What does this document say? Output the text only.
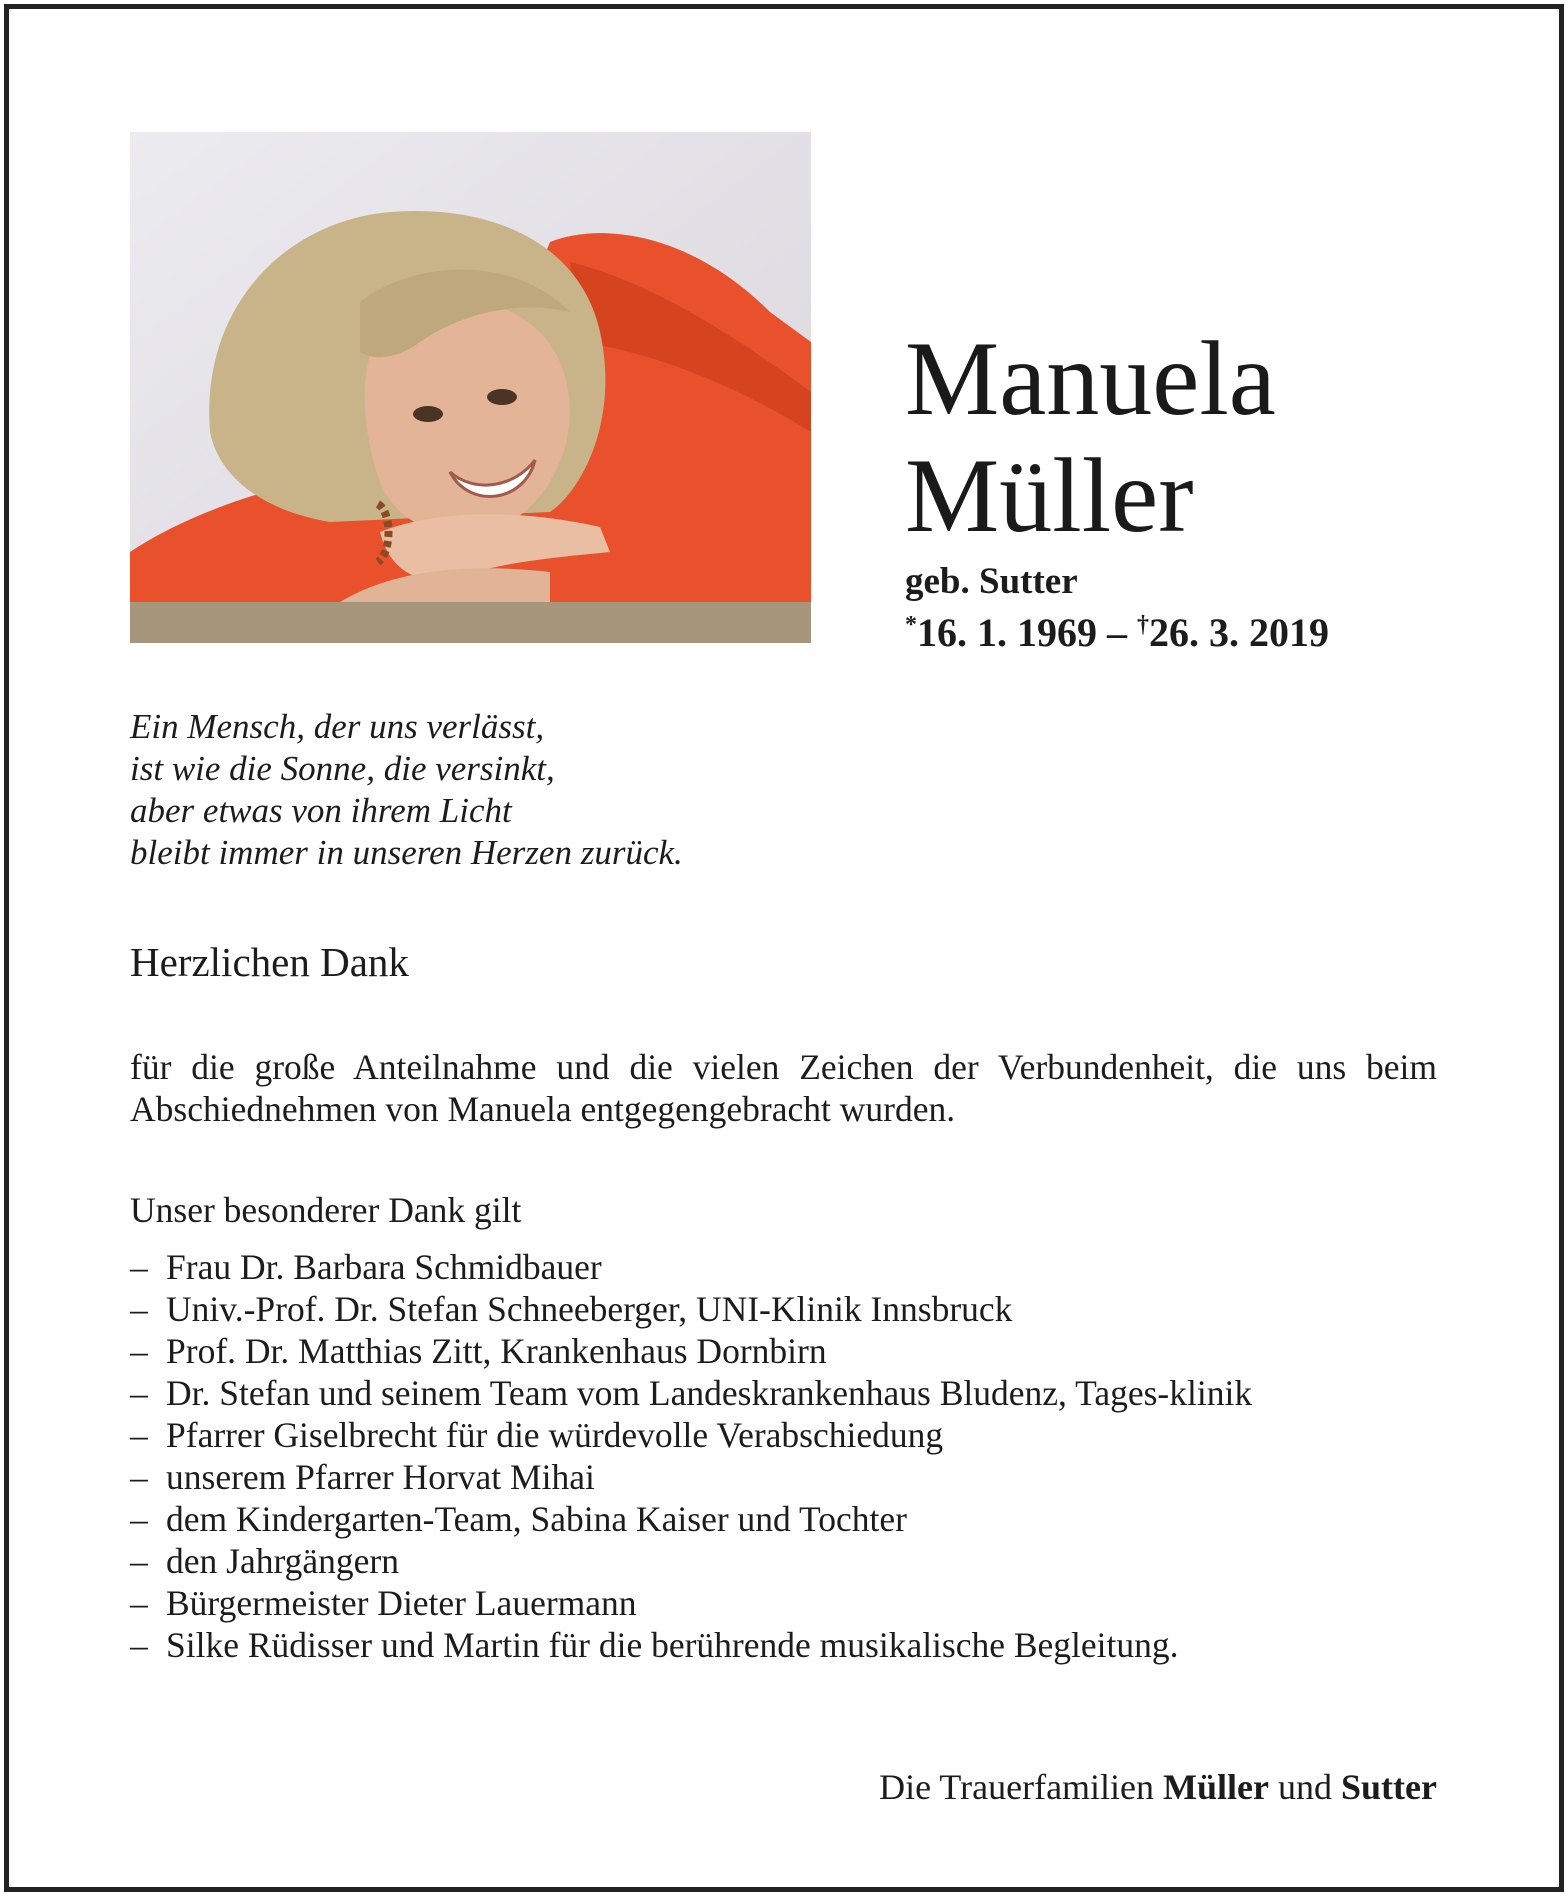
Manuela
Müller
geb. Sutter
*16. 1. 1969 – †26. 3. 2019
Ein Mensch, der uns verlässt,
ist wie die Sonne, die versinkt,
aber etwas von ihrem Licht
bleibt immer in unseren Herzen zurück.
Herzlichen Dank

für die große Anteilnahme und die vielen Zeichen der Verbundenheit, die uns beim Abschiednehmen von Manuela entgegengebracht wurden.

Unser besonderer Dank gilt
– Frau Dr. Barbara Schmidbauer
– Univ.-Prof. Dr. Stefan Schneeberger, UNI-Klinik Innsbruck
– Prof. Dr. Matthias Zitt, Krankenhaus Dornbirn
– Dr. Stefan und seinem Team vom Landeskrankenhaus Bludenz, Tages-klinik
– Pfarrer Giselbrecht für die würdevolle Verabschiedung
– unserem Pfarrer Horvat Mihai
– dem Kindergarten-Team, Sabina Kaiser und Tochter
– den Jahrgängern
– Bürgermeister Dieter Lauermann
– Silke Rüdisser und Martin für die berührende musikalische Begleitung.
Die Trauerfamilien Müller und Sutter
